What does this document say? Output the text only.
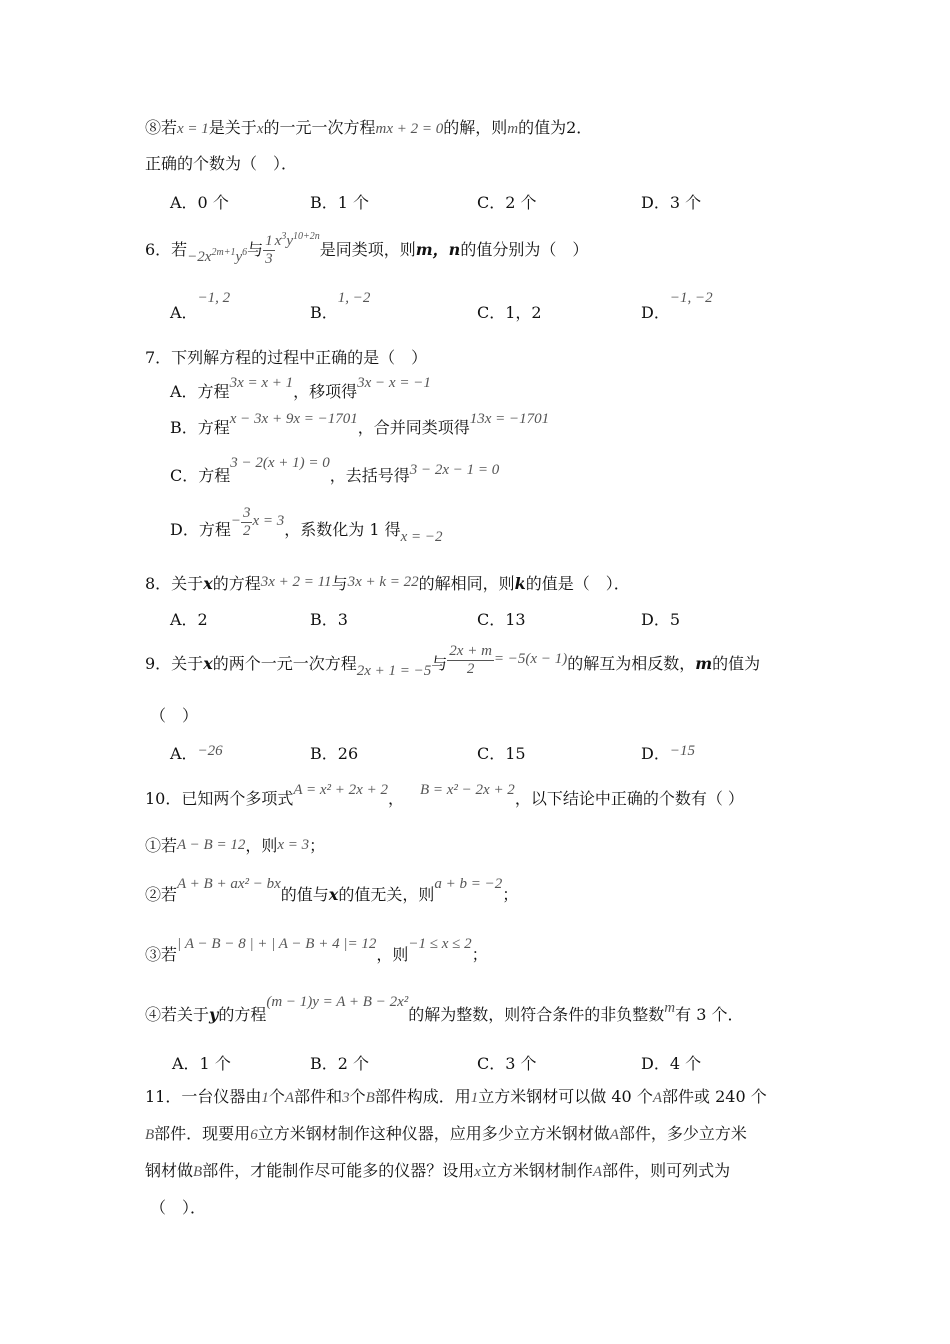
⑧若x = 1是关于x的一元一次方程mx + 2 = 0的解，则m的值为2．
正确的个数为（　）．
A．0 个	B．1 个	C．2 个	D．3 个
6．若$-2x^{2m+1}y^6$与 $\frac{1}{3} x^3y^{10+2n}$是同类项，则m，n的值分别为（　）
A．−1, 2
B．1, −2
C．1，2	D．−1, −2
7．下列解方程的过程中正确的是（　）
A．方程3x = x + 1，移项得3x − x = −1
B．方程x − 3x + 9x = −1701，合并同类项得13x = −1701
C．方程3 − 2(x + 1) = 0，去括号得3 − 2x − 1 = 0
D．方程− $\frac{3}{2}$ x = 3，系数化为 1 得x = −2
8．关于x的方程3x + 2 = 11与3x + k = 22的解相同，则k的值是（　）．
A．2	B．3	C．13	D．5
9．关于x的两个一元一次方程2x + 1 = −5与 $\frac{2x + m}{2} = -5(x - 1)$的解互为相反数，m的值为
（　）
A．−26	B．26	C．15	D．−15
10．已知两个多项式A = x² + 2x + 2， B = x² − 2x + 2，以下结论中正确的个数有（ ）
①若A − B = 12，则x = 3；
②若A + B + ax² − bx的值与x的值无关，则a + b = −2；
③若| A − B − 8 | + | A − B + 4 |= 12，则−1 ≤ x ≤ 2；
④若关于y的方程(m − 1)y = A + B − 2x²的解为整数，则符合条件的非负整数m有 3 个．
A．1 个	B．2 个	C．3 个	D．4 个
11．一台仪器由1个A部件和3个B部件构成．用1立方米钢材可以做 40 个A部件或 240 个
B部件．现要用6立方米钢材制作这种仪器，应用多少立方米钢材做A部件，多少立方米
钢材做B部件，才能制作尽可能多的仪器？设用x立方米钢材制作A部件，则可列式为
（　）．
